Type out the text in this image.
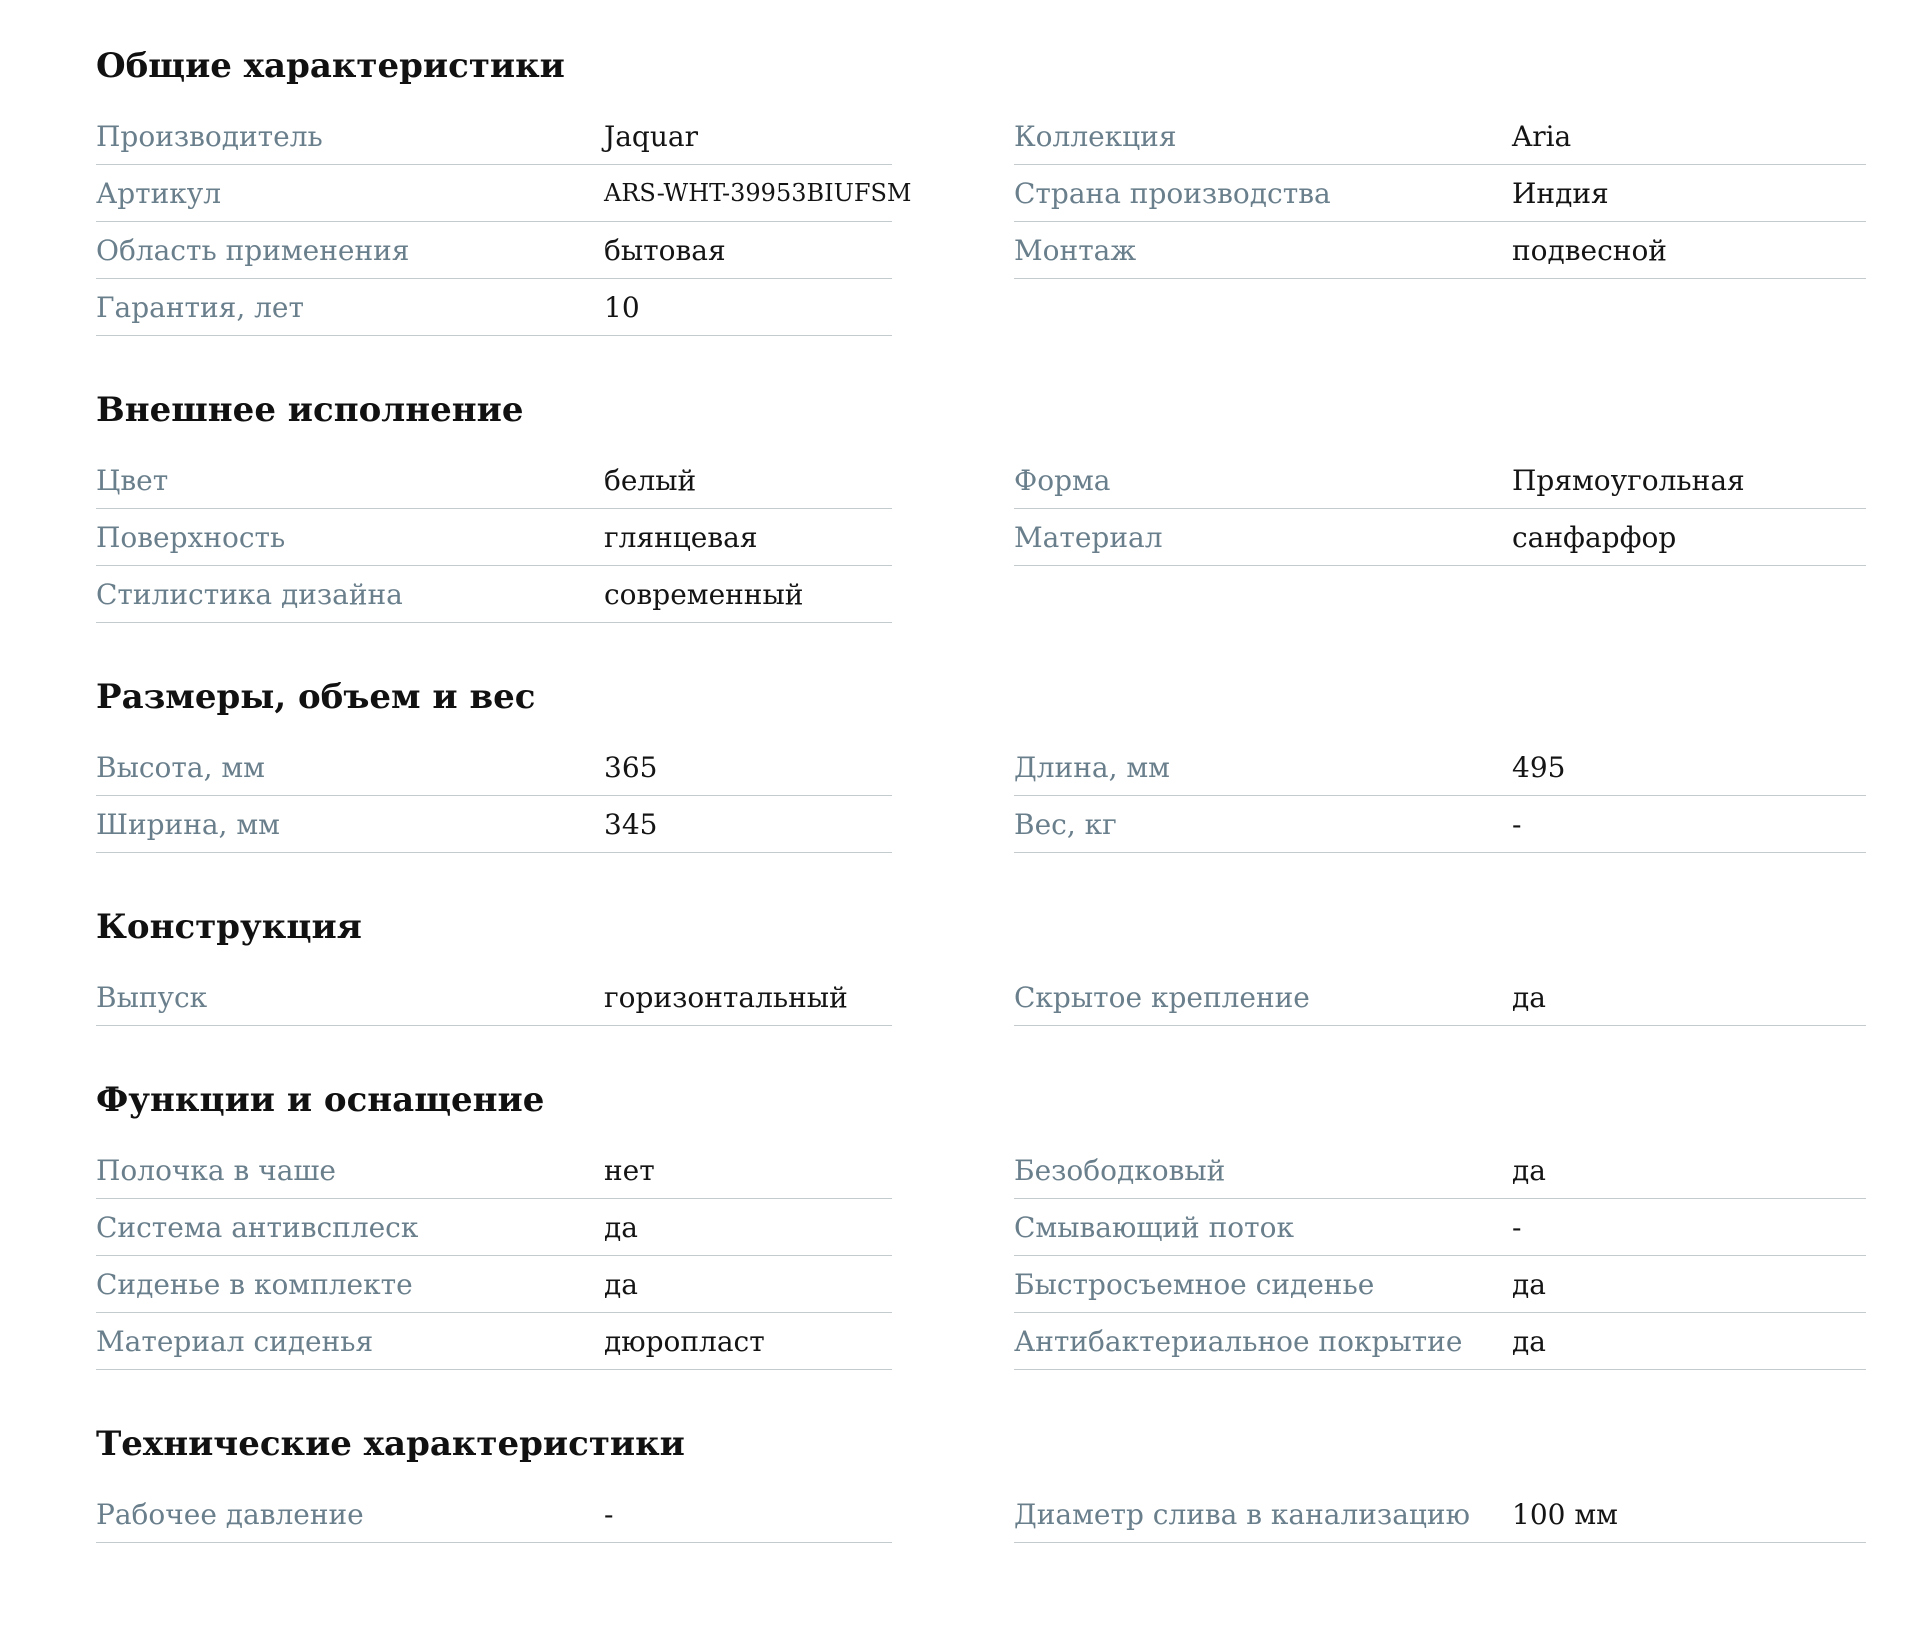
Общие характеристики
Производитель	Jaquar
Артикул	ARS-WHT-39953BIUFSM
Область применения	бытовая
Гарантия, лет	10
Коллекция	Aria
Страна производства	Индия
Монтаж	подвесной
Внешнее исполнение
Цвет	белый
Поверхность	глянцевая
Стилистика дизайна	современный
Форма	Прямоугольная
Материал	санфарфор
Размеры, объем и вес
Высота, мм	365
Ширина, мм	345
Длина, мм	495
Вес, кг	-
Конструкция
Выпуск	горизонтальный	Скрытое крепление	да
Функции и оснащение
Полочка в чаше	нет
Система антивсплеск	да
Сиденье в комплекте	да
Материал сиденья	дюропласт
Безободковый	да
Смывающий поток	-
Быстросъемное сиденье	да
Антибактериальное покрытие	да
Технические характеристики
Рабочее давление	-	Диаметр слива в канализацию	100 мм
